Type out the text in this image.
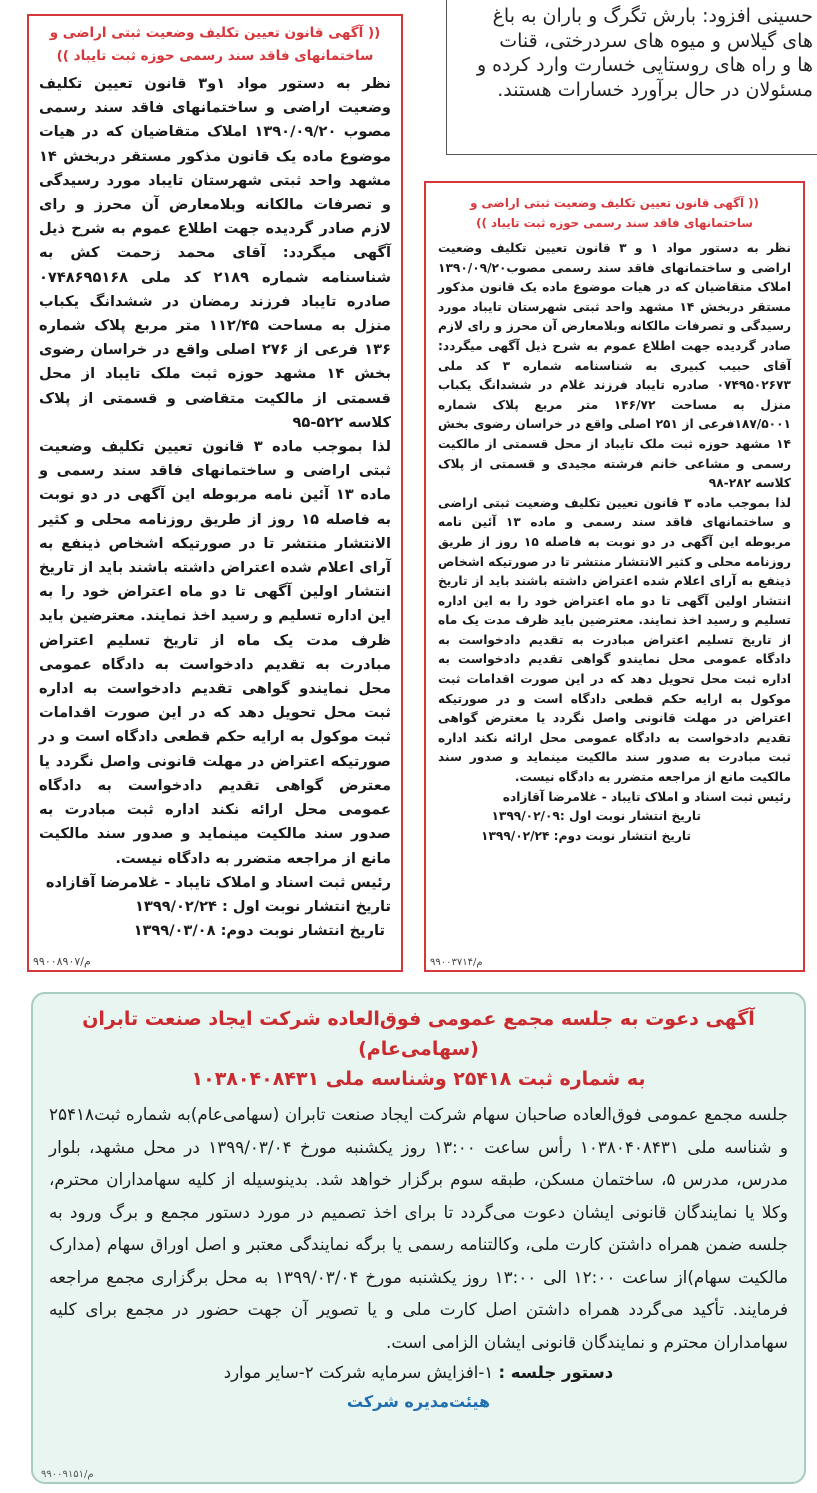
حسینی افزود: بارش تگرگ و باران به باغ
های گیلاس و میوه های سردرختی، قنات
ها و راه های روستایی خسارت وارد کرده و
مسئولان در حال برآورد خسارات هستند.
(( آگهی قانون تعیین تکلیف وضعیت ثبتی اراضی و ساختمانهای فاقد سند رسمی حوزه ثبت تایباد ))

نظر به دستور مواد ۱و۳ قانون تعیین تکلیف وضعیت اراضی و ساختمانهای فاقد سند رسمی مصوب ۱۳۹۰/۰۹/۲۰ املاک متقاضیان که در هیات موضوع ماده یک قانون مذکور مستقر دربخش ۱۴ مشهد واحد ثبتی شهرستان تایباد مورد رسیدگی و تصرفات مالکانه وبلامعارض آن محرز و رای لازم صادر گردیده جهت اطلاع عموم به شرح ذیل آگهی میگردد: آقای محمد زحمت کش به شناسنامه شماره ۲۱۸۹ کد ملی ۰۷۴۸۶۹۵۱۶۸ صادره تایباد فرزند رمضان در ششدانگ یکباب منزل به مساحت ۱۱۲/۴۵ متر مربع پلاک شماره ۱۳۶ فرعی از ۲۷۶ اصلی واقع در خراسان رضوی بخش ۱۴ مشهد حوزه ثبت ملک تایباد از محل قسمتی از مالکیت متقاضی و قسمتی از پلاک کلاسه ۵۲۲-۹۵

لذا بموجب ماده ۳ قانون تعیین تکلیف وضعیت ثبتی اراضی و ساختمانهای فاقد سند رسمی و ماده ۱۳ آئین نامه مربوطه این آگهی در دو نوبت به فاصله ۱۵ روز از طریق روزنامه محلی و کثیر الانتشار منتشر تا در صورتیکه اشخاص ذینفع به آرای اعلام شده اعتراض داشته باشند باید از تاریخ انتشار اولین آگهی تا دو ماه اعتراض خود را به این اداره تسلیم و رسید اخذ نمایند. معترضین باید ظرف مدت یک ماه از تاریخ تسلیم اعتراض مبادرت به تقدیم دادخواست به دادگاه عمومی محل نمایندو گواهی تقدیم دادخواست به اداره ثبت محل تحویل دهد که در این صورت اقدامات ثبت موکول به ارایه حکم قطعی دادگاه است و در صورتیکه اعتراض در مهلت قانونی واصل نگردد یا معترض گواهی تقدیم دادخواست به دادگاه عمومی محل ارائه نکند اداره ثبت مبادرت به صدور سند مالکیت مینماید و صدور سند مالکیت مانع از مراجعه متضرر به دادگاه نیست.

رئیس ثبت اسناد و املاک تایباد - غلامرضا آقازاده

تاریخ انتشار نوبت اول : ۱۳۹۹/۰۲/۲۴

تاریخ انتشار نوبت دوم: ۱۳۹۹/۰۳/۰۸

م/۹۹۰۰۸۹۰۷
(( آگهی قانون تعیین تکلیف وضعیت ثبتی اراضی و ساختمانهای فاقد سند رسمی حوزه ثبت تایباد ))

نظر به دستور مواد ۱ و ۳ قانون تعیین تکلیف وضعیت اراضی و ساختمانهای فاقد سند رسمی مصوب۱۳۹۰/۰۹/۲۰ املاک متقاضیان که در هیات موضوع ماده یک قانون مذکور مستقر دربخش ۱۴ مشهد واحد ثبتی شهرستان تایباد مورد رسیدگی و تصرفات مالکانه وبلامعارض آن محرز و رای لازم صادر گردیده جهت اطلاع عموم به شرح ذیل آگهی میگردد: آقای حبیب کبیری به شناسنامه شماره ۳ کد ملی ۰۷۴۹۵۰۲۶۷۳ صادره تایباد فرزند غلام در ششدانگ یکباب منزل به مساحت ۱۴۶/۷۲ متر مربع پلاک شماره ۱۸۷/۵۰۰۱فرعی از ۲۵۱ اصلی واقع در خراسان رضوی بخش ۱۴ مشهد حوزه ثبت ملک تایباد از محل قسمتی از مالکیت رسمی و مشاعی خانم فرشته مجیدی و قسمتی از پلاک کلاسه ۲۸۲-۹۸

لذا بموجب ماده ۳ قانون تعیین تکلیف وضعیت ثبتی اراضی و ساختمانهای فاقد سند رسمی و ماده ۱۳ آئین نامه مربوطه این آگهی در دو نوبت به فاصله ۱۵ روز از طریق روزنامه محلی و کثیر الانتشار منتشر تا در صورتیکه اشخاص ذینفع به آرای اعلام شده اعتراض داشته باشند باید از تاریخ انتشار اولین آگهی تا دو ماه اعتراض خود را به این اداره تسلیم و رسید اخذ نمایند. معترضین باید ظرف مدت یک ماه از تاریخ تسلیم اعتراض مبادرت به تقدیم دادخواست به دادگاه عمومی محل نمایندو گواهی تقدیم دادخواست به اداره ثبت محل تحویل دهد که در این صورت اقدامات ثبت موکول به ارایه حکم قطعی دادگاه است و در صورتیکه اعتراض در مهلت قانونی واصل نگردد یا معترض گواهی تقدیم دادخواست به دادگاه عمومی محل ارائه نکند اداره ثبت مبادرت به صدور سند مالکیت مینماید و صدور سند مالکیت مانع از مراجعه متضرر به دادگاه نیست.

رئیس ثبت اسناد و املاک تایباد - غلامرضا آقازاده

تاریخ انتشار نوبت اول :۱۳۹۹/۰۲/۰۹

تاریخ انتشار نوبت دوم: ۱۳۹۹/۰۲/۲۴

م/۹۹۰۰۳۷۱۴
آگهی دعوت به جلسه مجمع عمومی فوق‌العاده شرکت ایجاد صنعت تابران (سهامی‌عام)
به شماره ثبت ۲۵۴۱۸ وشناسه ملی ۱۰۳۸۰۴۰۸۴۳۱
جلسه مجمع عمومی فوق‌العاده صاحبان سهام شرکت ایجاد صنعت تابران (سهامی‌عام)به شماره ثبت۲۵۴۱۸ و شناسه ملی ۱۰۳۸۰۴۰۸۴۳۱ رأس ساعت ۱۳:۰۰ روز یکشنبه مورخ ۱۳۹۹/۰۳/۰۴ در محل مشهد، بلوار مدرس، مدرس ۵، ساختمان مسکن، طبقه سوم برگزار خواهد شد. بدینوسیله از کلیه سهامداران محترم، وکلا یا نمایندگان قانونی ایشان دعوت می‌گردد تا برای اخذ تصمیم در مورد دستور مجمع و برگ ورود به جلسه ضمن همراه داشتن کارت ملی، وکالتنامه رسمی یا برگه نمایندگی معتبر و اصل اوراق سهام (مدارک مالکیت سهام)از ساعت ۱۲:۰۰ الی ۱۳:۰۰ روز یکشنبه مورخ ۱۳۹۹/۰۳/۰۴ به محل برگزاری مجمع مراجعه فرمایند. تأکید می‌گردد همراه داشتن اصل کارت ملی و یا تصویر آن جهت حضور در مجمع برای کلیه سهامداران محترم و نمایندگان قانونی ایشان الزامی است.
دستور جلسه : ۱-افزایش سرمایه شرکت ۲-سایر موارد
هیئت‌مدیره شرکت
م/۹۹۰۰۹۱۵۱
